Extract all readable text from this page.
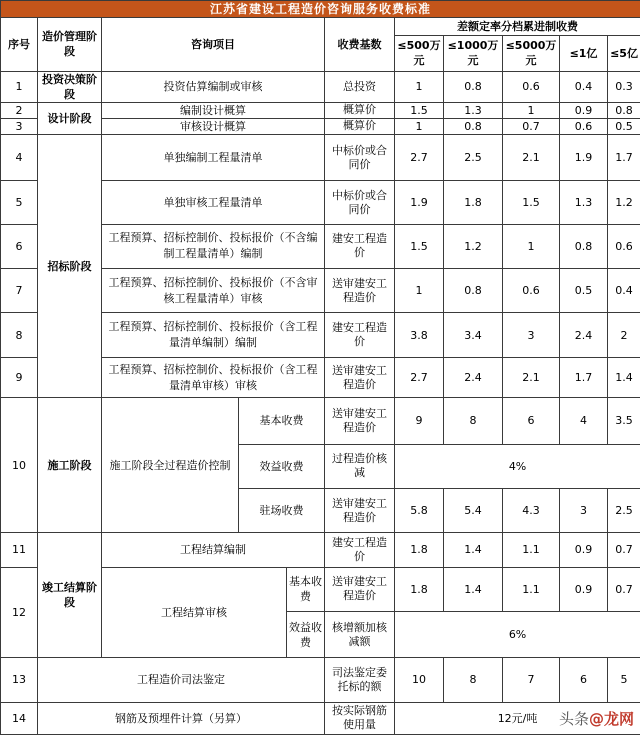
江苏省建设工程造价咨询服务收费标准											
序号	造价管理阶段	咨询项目			收费基数	差额定率分档累进制收费					
						≤500万元	≤1000万元	≤5000万元	≤1亿	≤5亿	
1	投资决策阶段	投资估算编制或审核			总投资	1	0.8	0.6	0.4	0.3	
2	设计阶段	编制设计概算			概算价	1.5	1.3	1	0.9	0.8	
3		审核设计概算			概算价	1	0.8	0.7	0.6	0.5	
4	招标阶段	单独编制工程量清单			中标价或合同价	2.7	2.5	2.1	1.9	1.7	
5		单独审核工程量清单			中标价或合同价	1.9	1.8	1.5	1.3	1.2	
6		工程预算、招标控制价、投标报价（不含编制工程量清单）编制			建安工程造价	1.5	1.2	1	0.8	0.6	
7		工程预算、招标控制价、投标报价（不含审核工程量清单）审核			送审建安工程造价	1	0.8	0.6	0.5	0.4	
8		工程预算、招标控制价、投标报价（含工程量清单编制）编制			建安工程造价	3.8	3.4	3	2.4	2	
9		工程预算、招标控制价、投标报价（含工程量清单审核）审核			送审建安工程造价	2.7	2.4	2.1	1.7	1.4	
10	施工阶段	施工阶段全过程造价控制	基本收费		送审建安工程造价	9	8	6	4	3.5	
			效益收费		过程造价核减	4%					
			驻场收费		送审建安工程造价	5.8	5.4	4.3	3	2.5	
11	竣工结算阶段	工程结算编制			建安工程造价	1.8	1.4	1.1	0.9	0.7	
12		工程结算审核		基本收费	送审建安工程造价	1.8	1.4	1.1	0.9	0.7	
				效益收费	核增额加核减额	6%					
13	工程造价司法鉴定				司法鉴定委托标的额	10	8	7	6	5	
14	钢筋及预埋件计算（另算）				按实际钢筋使用量	12元/吨					头条@龙网
